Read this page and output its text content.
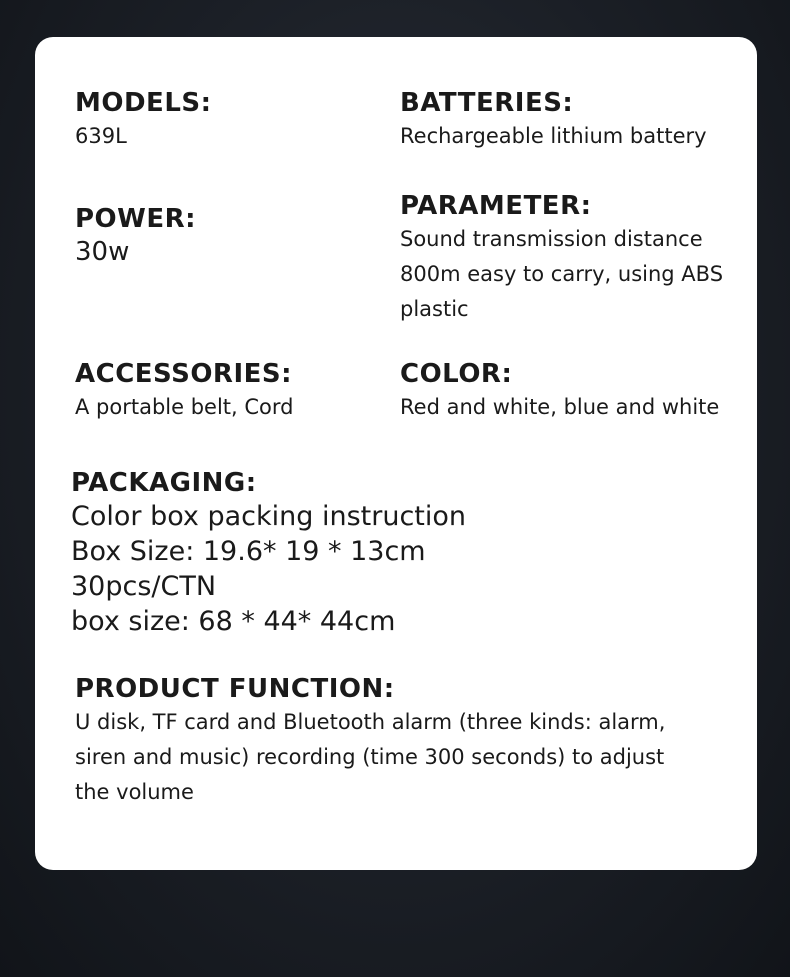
MODELS:
639L
BATTERIES:
Rechargeable lithium battery
POWER:
30w
PARAMETER:
Sound transmission distance
800m easy to carry, using ABS
plastic
ACCESSORIES:
A portable belt, Cord
COLOR:
Red and white, blue and white
PACKAGING:
Color box packing instruction
Box Size: 19.6* 19 * 13cm
30pcs/CTN
box size: 68 * 44* 44cm
PRODUCT FUNCTION:
U disk, TF card and Bluetooth alarm (three kinds: alarm,
siren and music) recording (time 300 seconds) to adjust
the volume
